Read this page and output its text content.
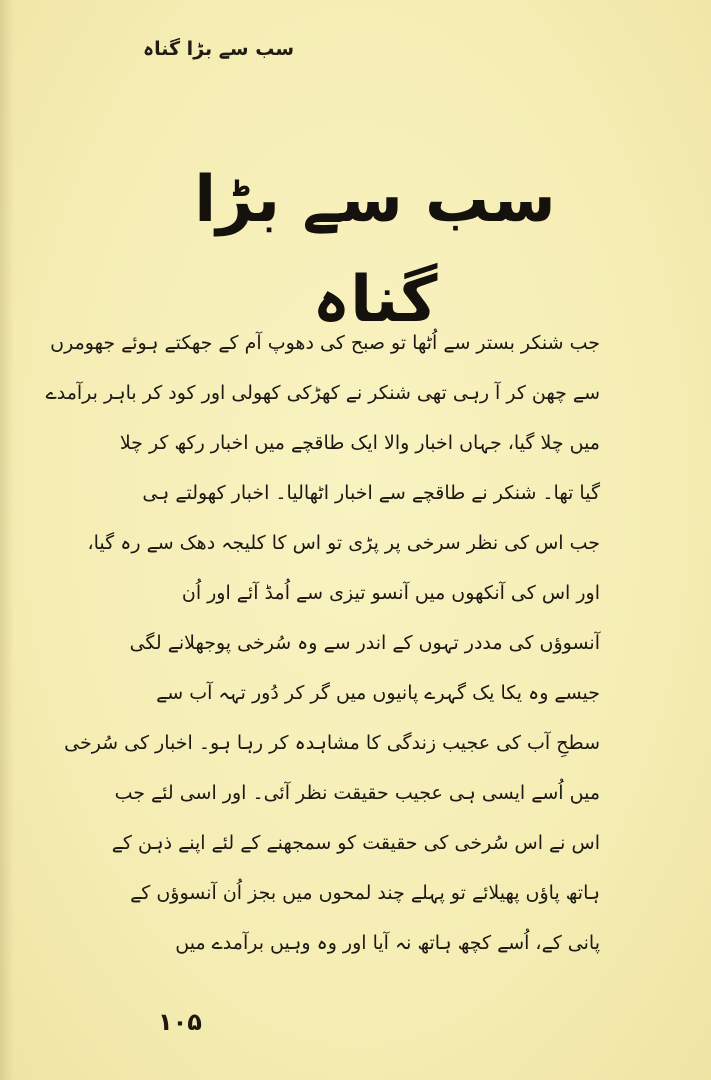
سب سے بڑا گناہ
سب سے بڑا گناہ
جب شنکر بستر سے اُٹھا تو صبح کی دھوپ آم کے جھکتے ہوئے جھومرں
سے چھن کر آ رہی تھی شنکر نے کھڑکی کھولی اور کود کر باہر برآمدے
میں چلا گیا، جہاں اخبار والا ایک طاقچے میں اخبار رکھ کر چلا
گیا تھا۔ شنکر نے طاقچے سے اخبار اٹھالیا۔ اخبار کھولتے ہی
جب اس کی نظر سرخی پر پڑی تو اس کا کلیجہ دھک سے رہ گیا،
اور اس کی آنکھوں میں آنسو تیزی سے اُمڈ آئے اور اُن
آنسوؤں کی مددر تہوں کے اندر سے وہ سُرخی پوجھلانے لگی
جیسے وہ یکا یک گہرے پانیوں میں گر کر دُور تہہ آب سے
سطحِ آب کی عجیب زندگی کا مشاہدہ کر رہا ہو۔ اخبار کی سُرخی
میں اُسے ایسی ہی عجیب حقیقت نظر آئی۔ اور اسی لئے جب
اس نے اس سُرخی کی حقیقت کو سمجھنے کے لئے اپنے ذہن کے
ہاتھ پاؤں پھیلائے تو پہلے چند لمحوں میں بجز اُن آنسوؤں کے
پانی کے، اُسے کچھ ہاتھ نہ آیا اور وہ وہیں برآمدے میں
۱۰۵
